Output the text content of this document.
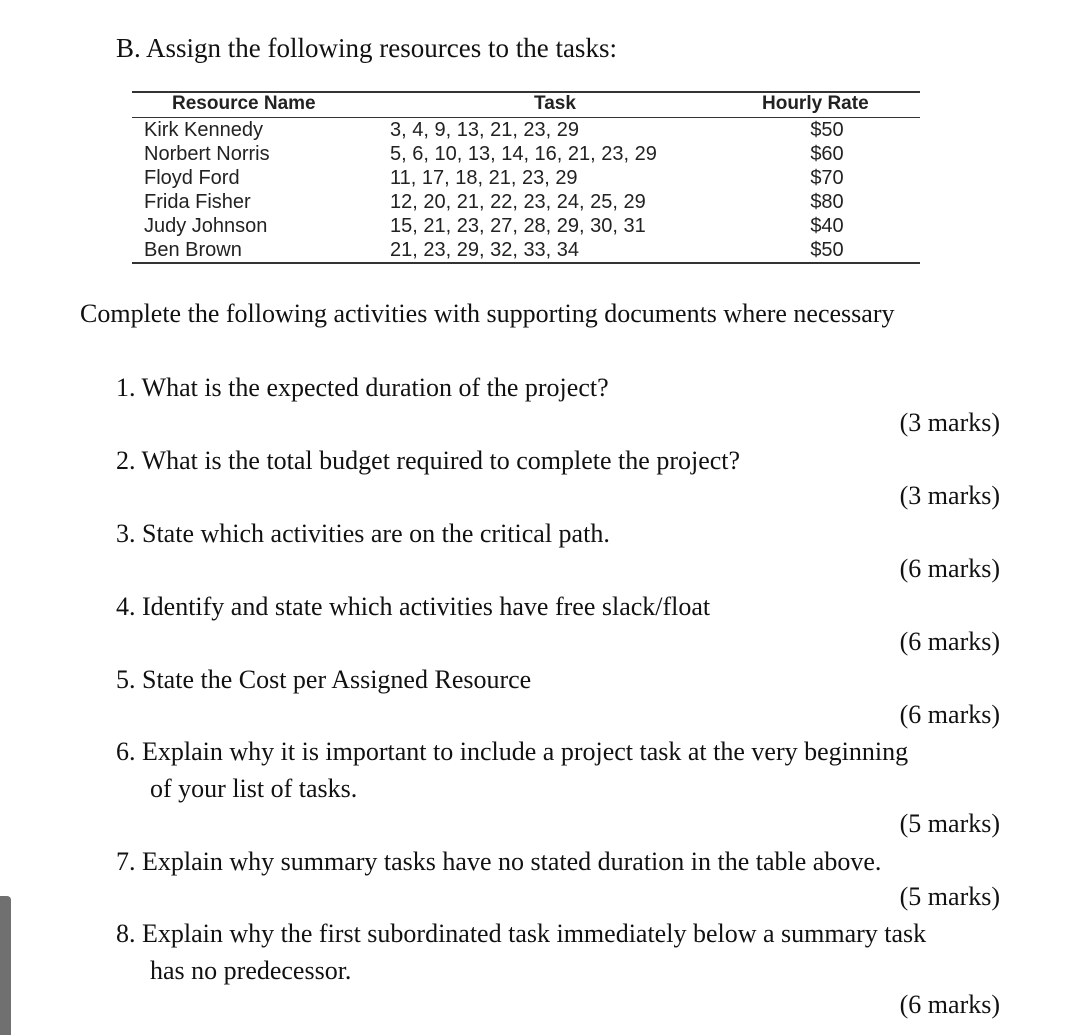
B. Assign the following resources to the tasks:
Resource Name	Task	Hourly Rate
Kirk Kennedy	3, 4, 9, 13, 21, 23, 29	$50
Norbert Norris	5, 6, 10, 13, 14, 16, 21, 23, 29	$60
Floyd Ford	11, 17, 18, 21, 23, 29	$70
Frida Fisher	12, 20, 21, 22, 23, 24, 25, 29	$80
Judy Johnson	15, 21, 23, 27, 28, 29, 30, 31	$40
Ben Brown	21, 23, 29, 32, 33, 34	$50
Complete the following activities with supporting documents where necessary
1. What is the expected duration of the project?
(3 marks)
2. What is the total budget required to complete the project?
(3 marks)
3. State which activities are on the critical path.
(6 marks)
4. Identify and state which activities have free slack/float
(6 marks)
5. State the Cost per Assigned Resource
(6 marks)
6. Explain why it is important to include a project task at the very beginning
of your list of tasks.
(5 marks)
7. Explain why summary tasks have no stated duration in the table above.
(5 marks)
8. Explain why the first subordinated task immediately below a summary task
has no predecessor.
(6 marks)
